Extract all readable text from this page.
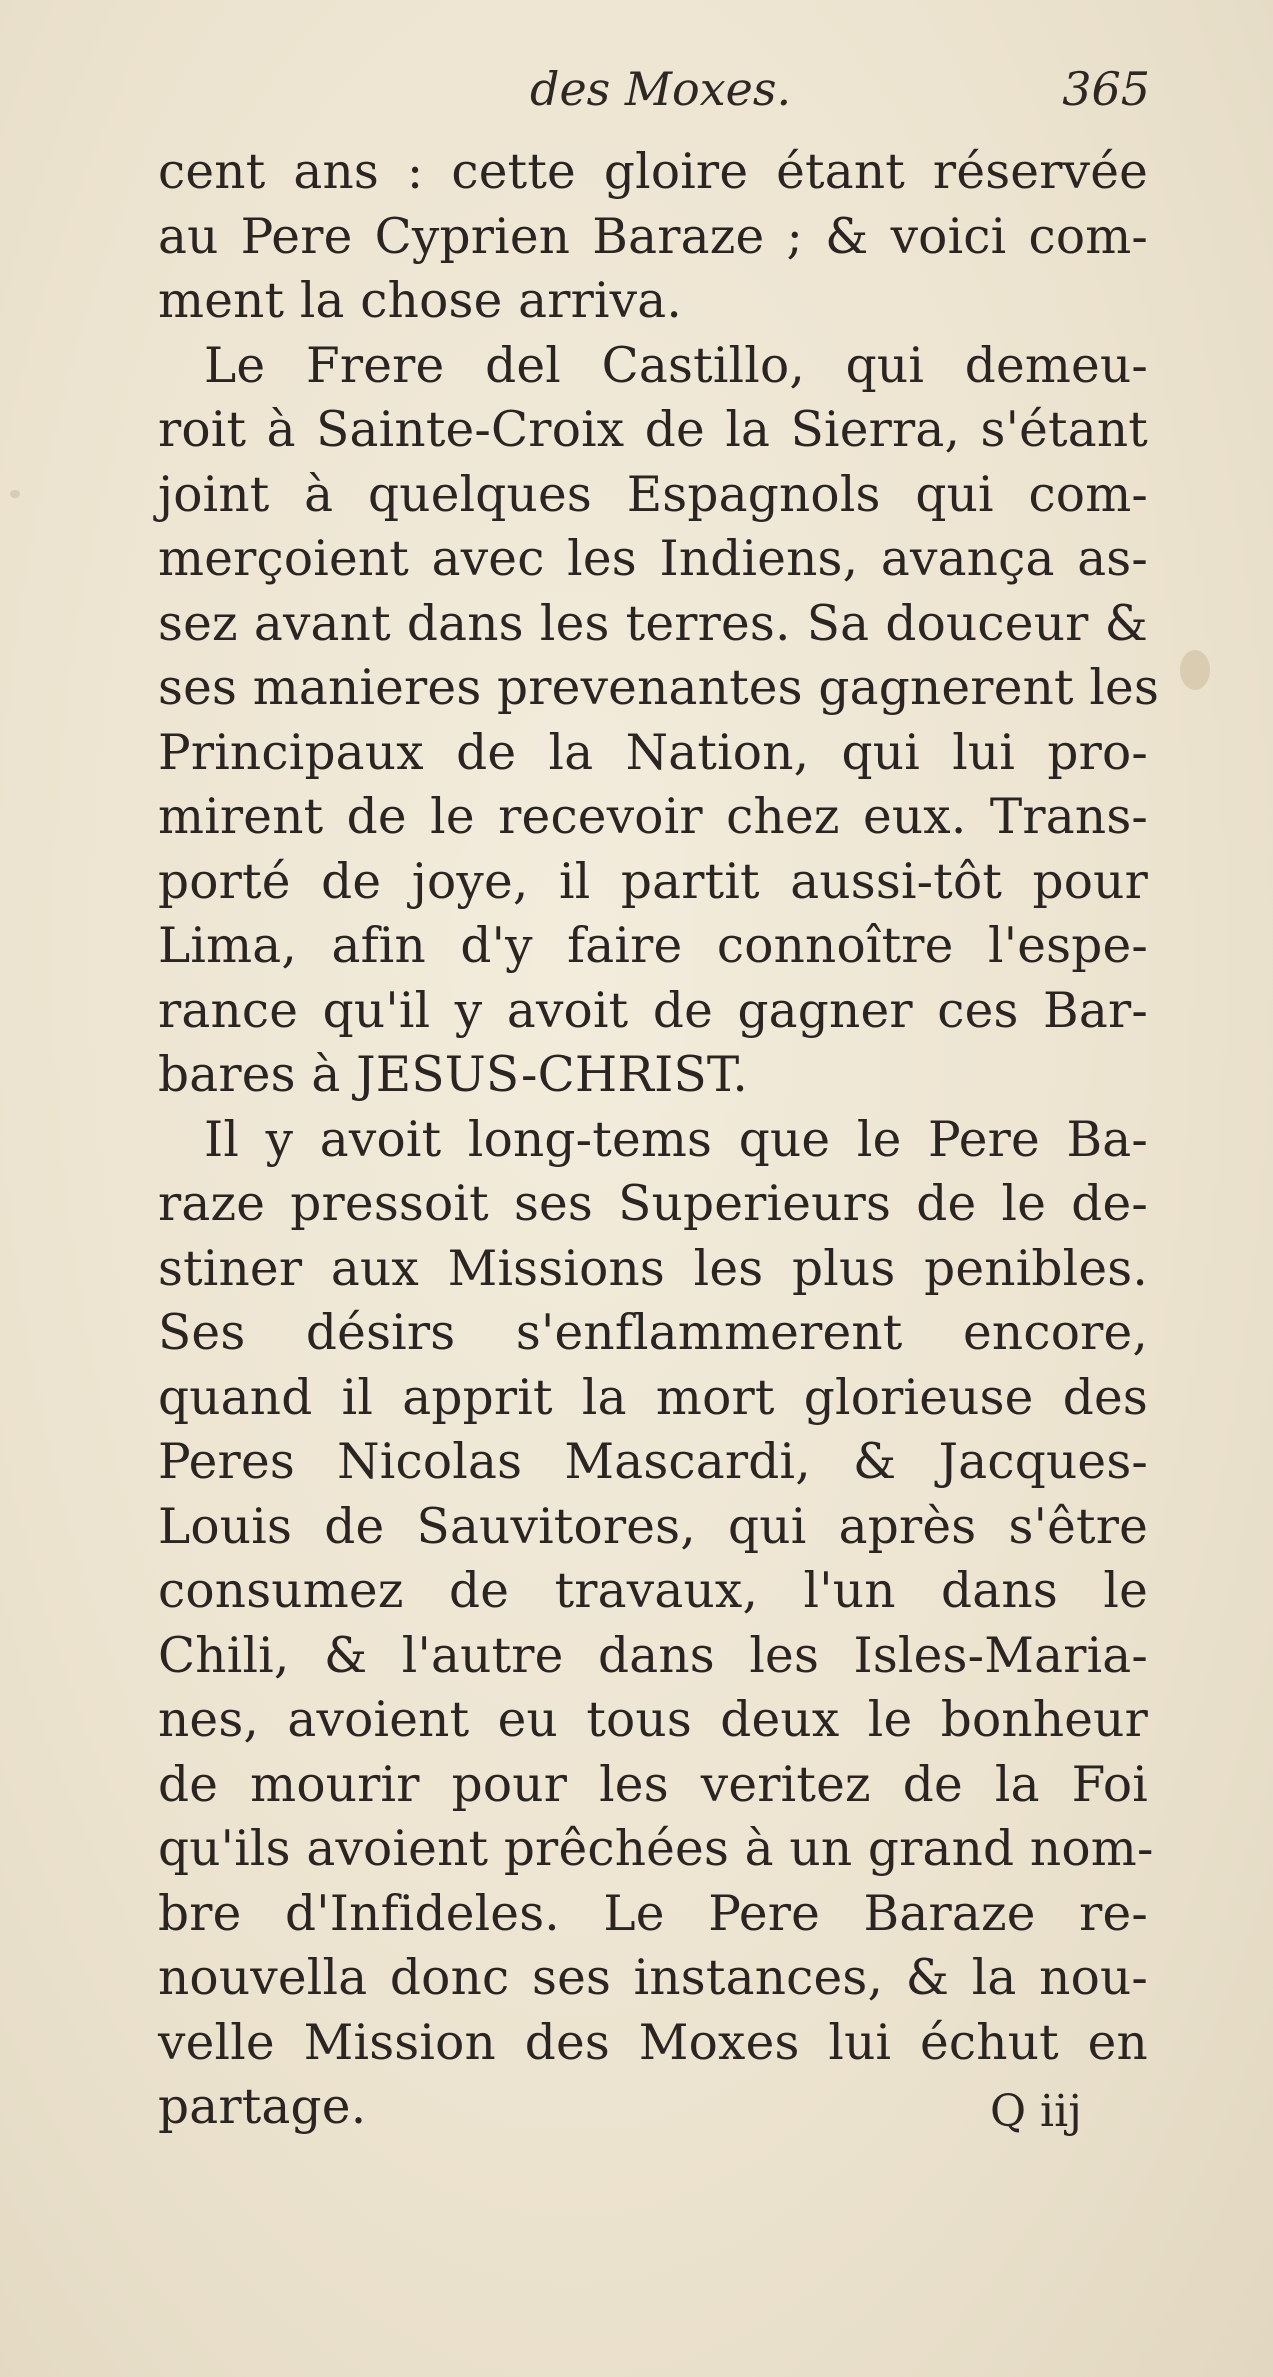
des Moxes.	365
cent ans : cette gloire étant réservée
au Pere Cyprien Baraze ; & voici com-
ment la chose arriva.
Le Frere del Castillo, qui demeu-
roit à Sainte-Croix de la Sierra, s'étant
joint à quelques Espagnols qui com-
merçoient avec les Indiens, avança as-
sez avant dans les terres. Sa douceur &
ses manieres prevenantes gagnerent les
Principaux de la Nation, qui lui pro-
mirent de le recevoir chez eux. Trans-
porté de joye, il partit aussi-tôt pour
Lima, afin d'y faire connoître l'espe-
rance qu'il y avoit de gagner ces Bar-
bares à JESUS-CHRIST.
Il y avoit long-tems que le Pere Ba-
raze pressoit ses Superieurs de le de-
stiner aux Missions les plus penibles.
Ses désirs s'enflammerent encore,
quand il apprit la mort glorieuse des
Peres Nicolas Mascardi, & Jacques-
Louis de Sauvitores, qui après s'être
consumez de travaux, l'un dans le
Chili, & l'autre dans les Isles-Maria-
nes, avoient eu tous deux le bonheur
de mourir pour les veritez de la Foi
qu'ils avoient prêchées à un grand nom-
bre d'Infideles. Le Pere Baraze re-
nouvella donc ses instances, & la nou-
velle Mission des Moxes lui échut en
partage.	Q iij
